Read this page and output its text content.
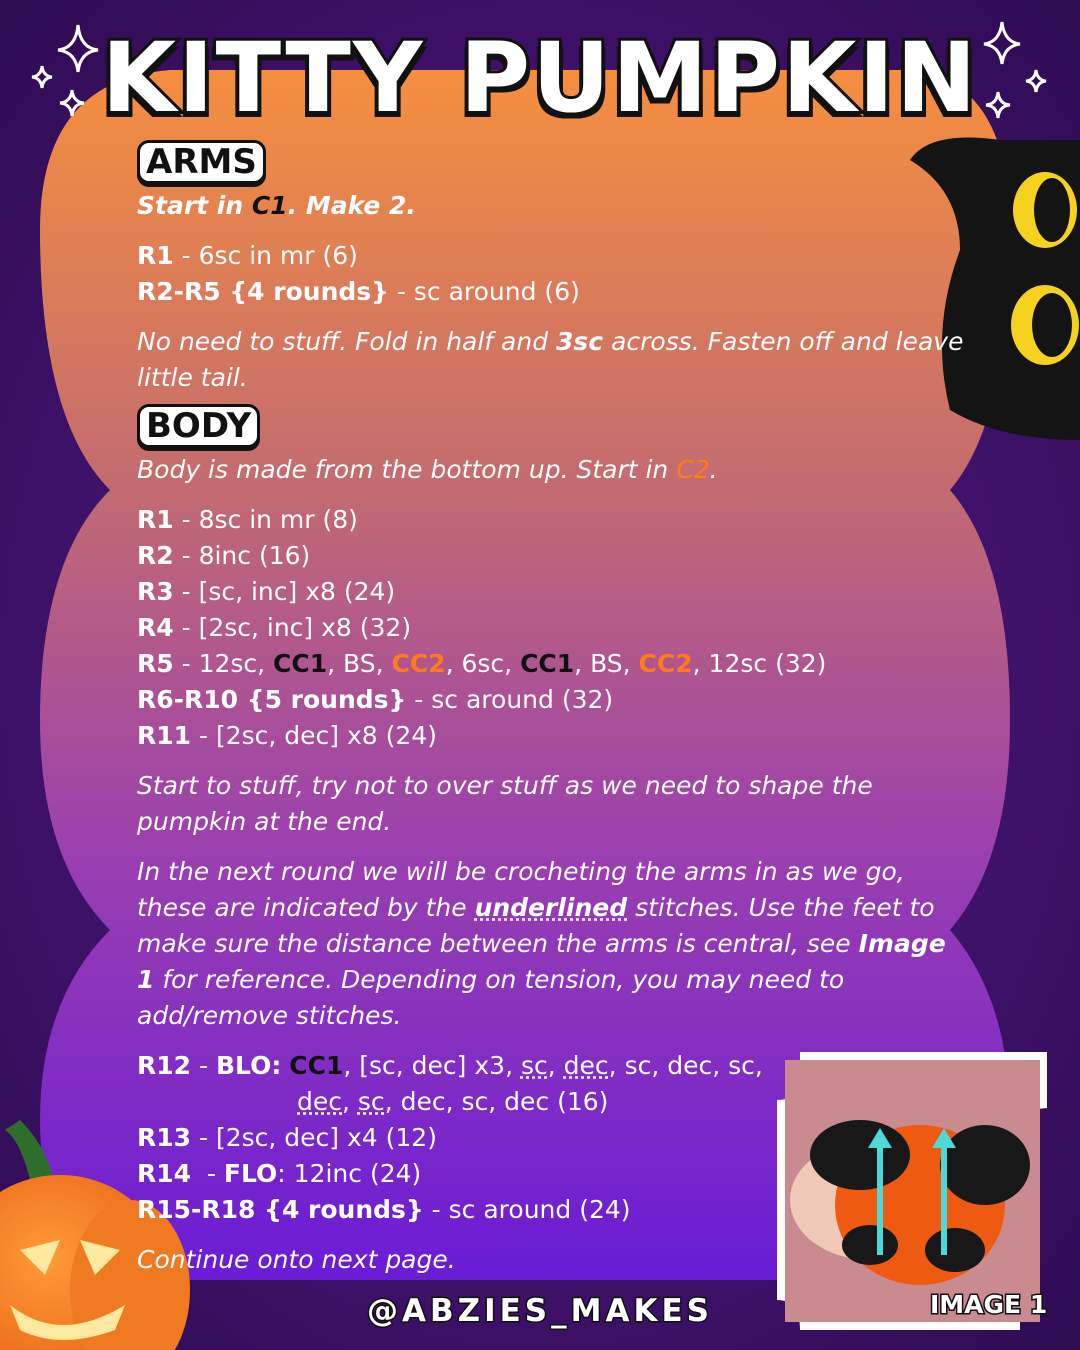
KITTY PUMPKIN
ARMS
Start in C1. Make 2.
R1 - 6sc in mr (6)
R2-R5 {4 rounds} - sc around (6)
No need to stuff. Fold in half and 3sc across. Fasten off and leave little tail.
BODY
Body is made from the bottom up. Start in C2.
R1 - 8sc in mr (8)
R2 - 8inc (16)
R3 - [sc, inc] x8 (24)
R4 - [2sc, inc] x8 (32)
R5 - 12sc, CC1, BS, CC2, 6sc, CC1, BS, CC2, 12sc (32)
R6-R10 {5 rounds} - sc around (32)
R11 - [2sc, dec] x8 (24)
Start to stuff, try not to over stuff as we need to shape the pumpkin at the end.
In the next round we will be crocheting the arms in as we go, these are indicated by the underlined stitches. Use the feet to make sure the distance between the arms is central, see Image 1 for reference. Depending on tension, you may need to add/remove stitches.
R12 - BLO: CC1, [sc, dec] x3, sc, dec, sc, dec, sc,
dec, sc, dec, sc, dec (16)
R13 - [2sc, dec] x4 (12)
R14  - FLO: 12inc (24)
R15-R18 {4 rounds} - sc around (24)
Continue onto next page.
@ABZIES_MAKES	IMAGE 1
